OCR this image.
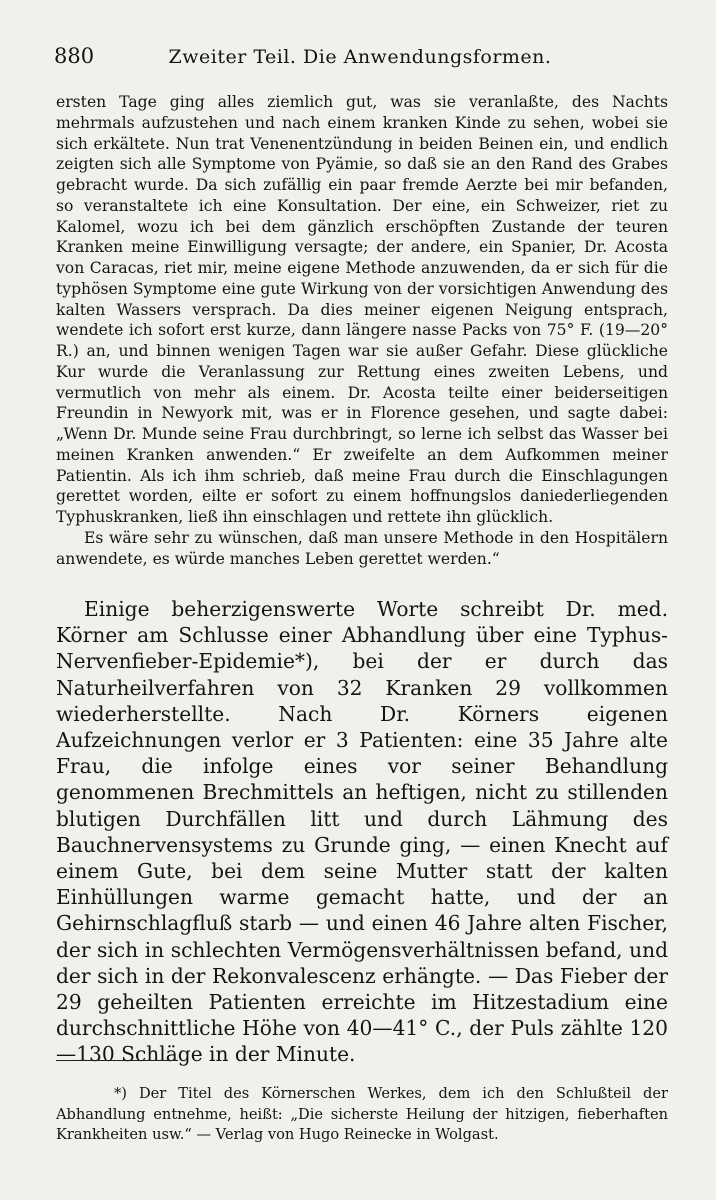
880	Zweiter Teil. Die Anwendungsformen.

ersten Tage ging alles ziemlich gut, was sie veranlaßte, des Nachts mehrmals aufzustehen und nach einem kranken Kinde zu sehen, wobei sie sich erkältete. Nun trat Venenentzündung in beiden Beinen ein, und endlich zeigten sich alle Symptome von Pyämie, so daß sie an den Rand des Grabes gebracht wurde. Da sich zufällig ein paar fremde Aerzte bei mir befanden, so veranstaltete ich eine Konsultation. Der eine, ein Schweizer, riet zu Kalomel, wozu ich bei dem gänzlich erschöpften Zustande der teuren Kranken meine Einwilligung versagte; der andere, ein Spanier, Dr. Acosta von Caracas, riet mir, meine eigene Methode anzuwenden, da er sich für die typhösen Symptome eine gute Wirkung von der vorsichtigen Anwendung des kalten Wassers versprach. Da dies meiner eigenen Neigung entsprach, wendete ich sofort erst kurze, dann längere nasse Packs von 75° F. (19—20° R.) an, und binnen wenigen Tagen war sie außer Gefahr. Diese glückliche Kur wurde die Veranlassung zur Rettung eines zweiten Lebens, und vermutlich von mehr als einem. Dr. Acosta teilte einer beiderseitigen Freundin in Newyork mit, was er in Florence gesehen, und sagte dabei: „Wenn Dr. Munde seine Frau durchbringt, so lerne ich selbst das Wasser bei meinen Kranken anwenden.“ Er zweifelte an dem Aufkommen meiner Patientin. Als ich ihm schrieb, daß meine Frau durch die Einschlagungen gerettet worden, eilte er sofort zu einem hoffnungslos daniederliegenden Typhuskranken, ließ ihn einschlagen und rettete ihn glücklich.

Es wäre sehr zu wünschen, daß man unsere Methode in den Hospitälern anwendete, es würde manches Leben gerettet werden.“

Einige beherzigenswerte Worte schreibt Dr. med. Körner am Schlusse einer Abhandlung über eine Typhus-Nervenfieber-Epidemie*), bei der er durch das Naturheilverfahren von 32 Kranken 29 vollkommen wiederherstellte. Nach Dr. Körners eigenen Aufzeichnungen verlor er 3 Patienten: eine 35 Jahre alte Frau, die infolge eines vor seiner Behandlung genommenen Brechmittels an heftigen, nicht zu stillenden blutigen Durchfällen litt und durch Lähmung des Bauchnervensystems zu Grunde ging, — einen Knecht auf einem Gute, bei dem seine Mutter statt der kalten Einhüllungen warme gemacht hatte, und der an Gehirnschlagfluß starb — und einen 46 Jahre alten Fischer, der sich in schlechten Vermögensverhältnissen befand, und der sich in der Rekonvalescenz erhängte. — Das Fieber der 29 geheilten Patienten erreichte im Hitzestadium eine durchschnittliche Höhe von 40—41° C., der Puls zählte 120—130 Schläge in der Minute.

*) Der Titel des Körnerschen Werkes, dem ich den Schlußteil der Abhandlung entnehme, heißt: „Die sicherste Heilung der hitzigen, fieberhaften Krankheiten usw.“ — Verlag von Hugo Reinecke in Wolgast.
